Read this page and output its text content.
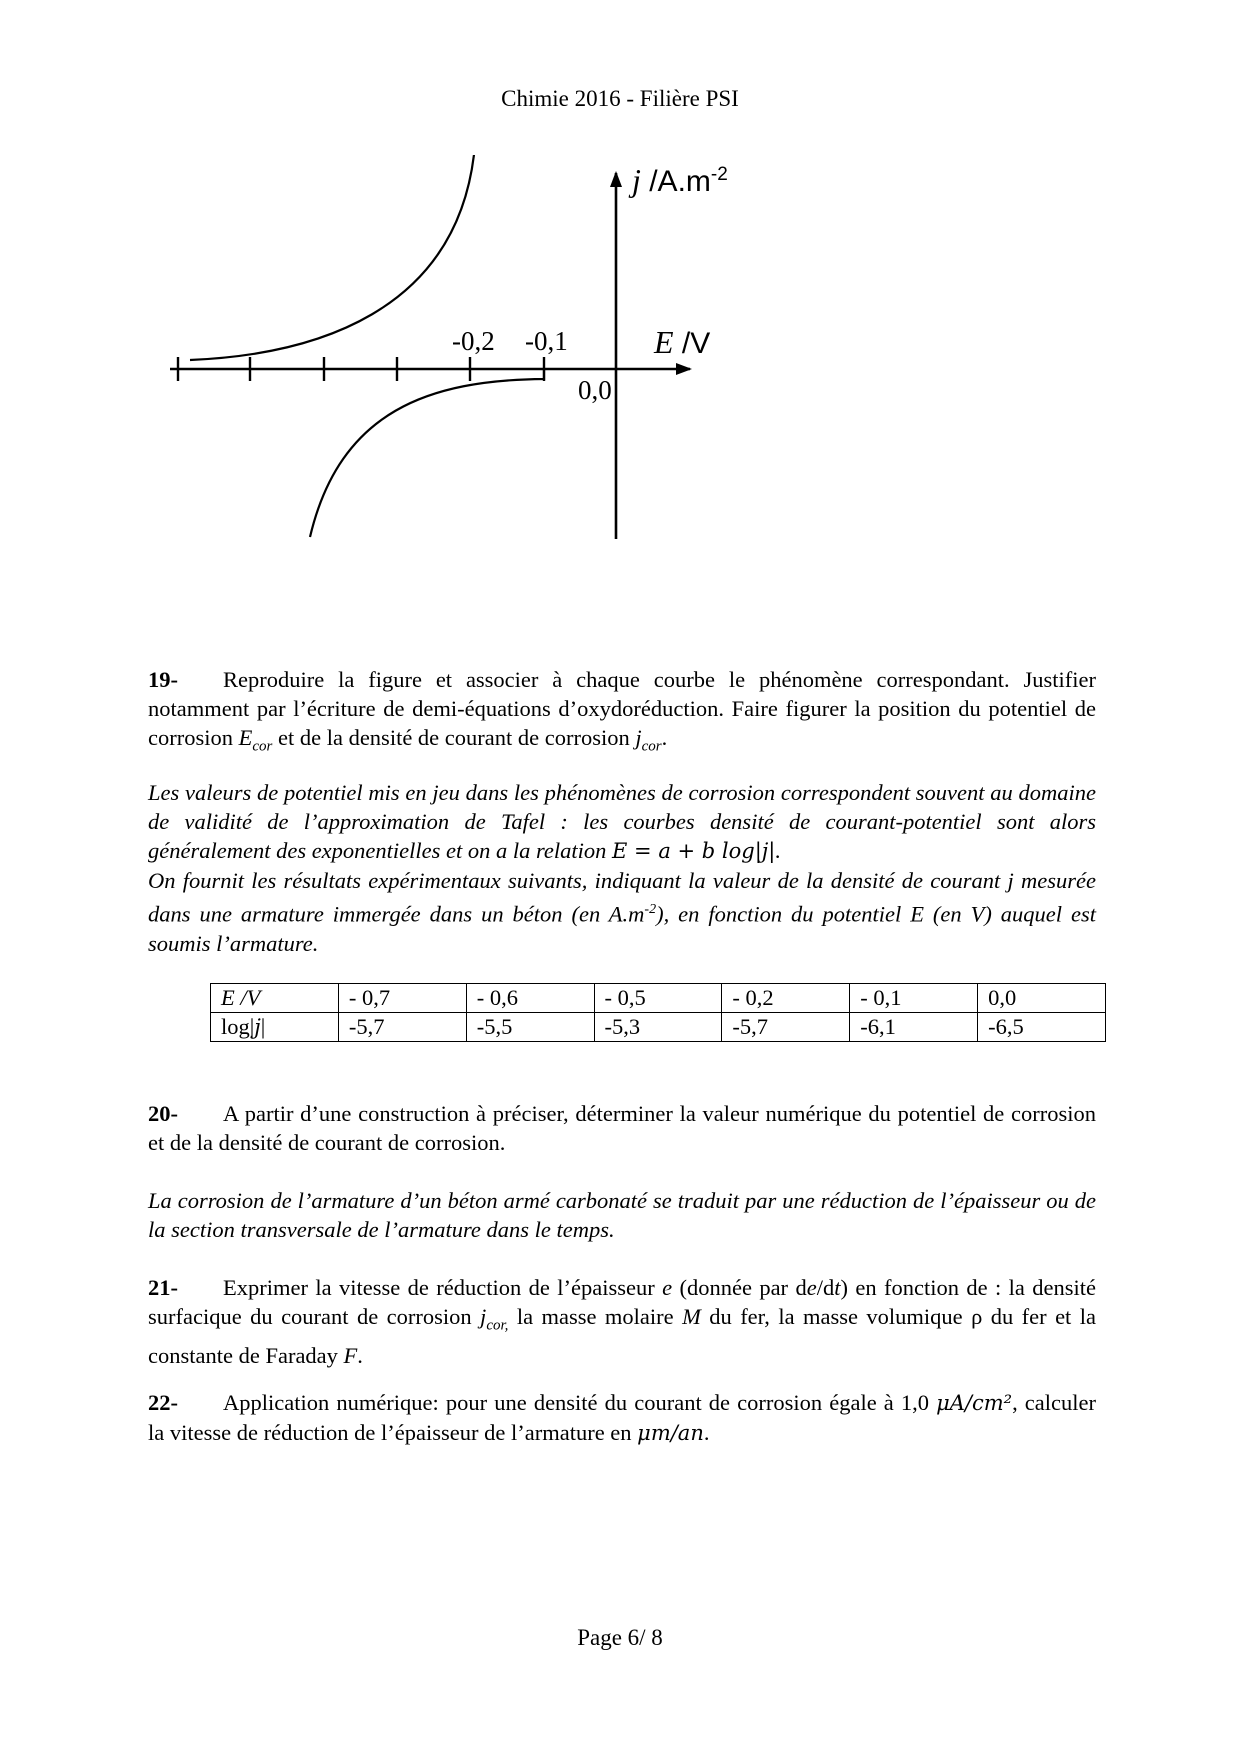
Chimie 2016 - Filière PSI
j $/A.m^{-2}$
E /V
-0,2 -0,1
0,0

19- Reproduire la figure et associer à chaque courbe le phénomène correspondant. Justifier notamment par l’écriture de demi-équations d’oxydoréduction. Faire figurer la position du potentiel de corrosion $E_{cor}$ et de la densité de courant de corrosion $j_{cor}$.

Les valeurs de potentiel mis en jeu dans les phénomènes de corrosion correspondent souvent au domaine de validité de l’approximation de Tafel : les courbes densité de courant-potentiel sont alors généralement des exponentielles et on a la relation E = a + b log|j|.

On fournit les résultats expérimentaux suivants, indiquant la valeur de la densité de courant j mesurée dans une armature immergée dans un béton (en $A.m^{-2}$), en fonction du potentiel E (en V) auquel est soumis l’armature.

E /V	- 0,7	- 0,6	- 0,5	- 0,2	- 0,1	0,0
log|j|	-5,7	-5,5	-5,3	-5,7	-6,1	-6,5

20- A partir d’une construction à préciser, déterminer la valeur numérique du potentiel de corrosion et de la densité de courant de corrosion.

La corrosion de l’armature d’un béton armé carbonaté se traduit par une réduction de l’épaisseur ou de la section transversale de l’armature dans le temps.

21- Exprimer la vitesse de réduction de l’épaisseur e (donnée par de/dt) en fonction de : la densité surfacique du courant de corrosion $j_{cor,}$ la masse molaire M du fer, la masse volumique ρ du fer et la constante de Faraday F.

22- Application numérique: pour une densité du courant de corrosion égale à 1,0 μA/cm², calculer la vitesse de réduction de l’épaisseur de l’armature en μm/an.

Page 6/ 8
